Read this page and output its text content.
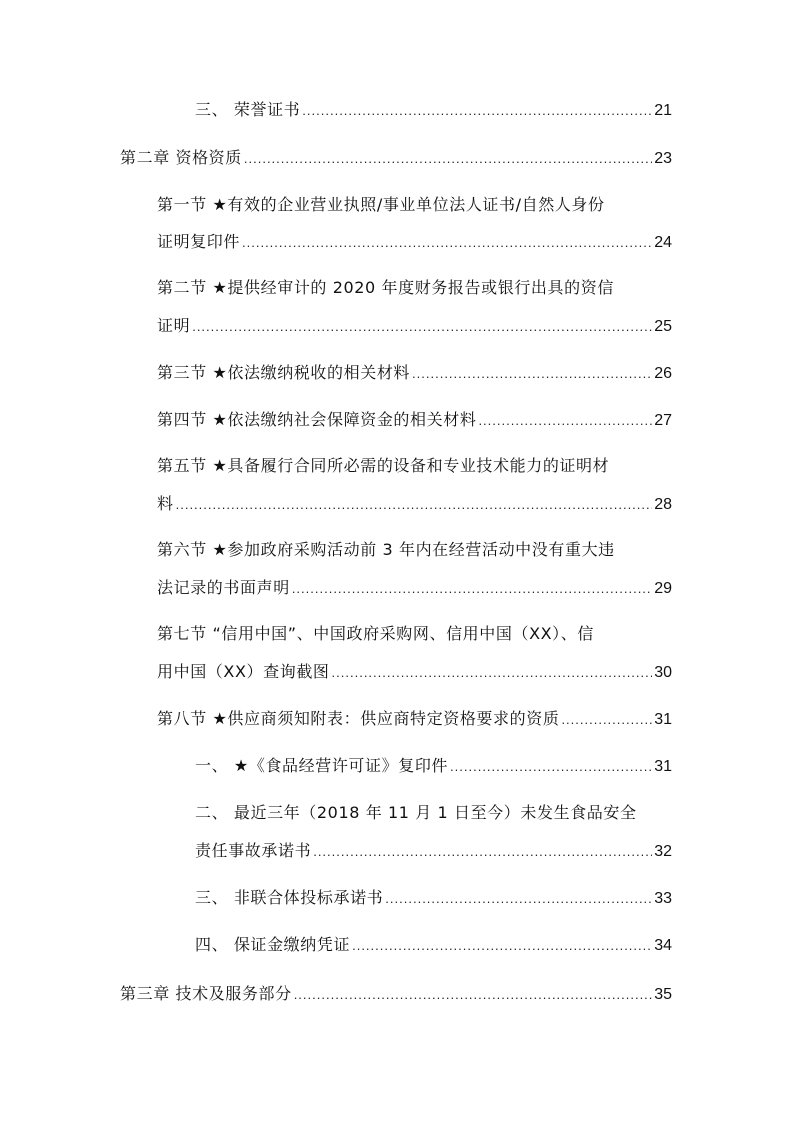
三、 荣誉证书 .....	21
第二章 资格资质 .....	23
第一节 ★有效的企业营业执照/事业单位法人证书/自然人身份
证明复印件 .....	24
第二节 ★提供经审计的 2020 年度财务报告或银行出具的资信
证明 .....	25
第三节 ★依法缴纳税收的相关材料 .....	26
第四节 ★依法缴纳社会保障资金的相关材料 .....	27
第五节 ★具备履行合同所必需的设备和专业技术能力的证明材
料 .....	28
第六节 ★参加政府采购活动前 3 年内在经营活动中没有重大违
法记录的书面声明 .....	29
第七节 “信用中国”、中国政府采购网、信用中国（XX）、信
用中国（XX）查询截图 .....	30
第八节 ★供应商须知附表：供应商特定资格要求的资质 .....	31
一、 ★《食品经营许可证》复印件 .....	31
二、 最近三年（2018 年 11 月 1 日至今）未发生食品安全
责任事故承诺书 .....	32
三、 非联合体投标承诺书 .....	33
四、 保证金缴纳凭证 .....	34
第三章 技术及服务部分 .....	35
